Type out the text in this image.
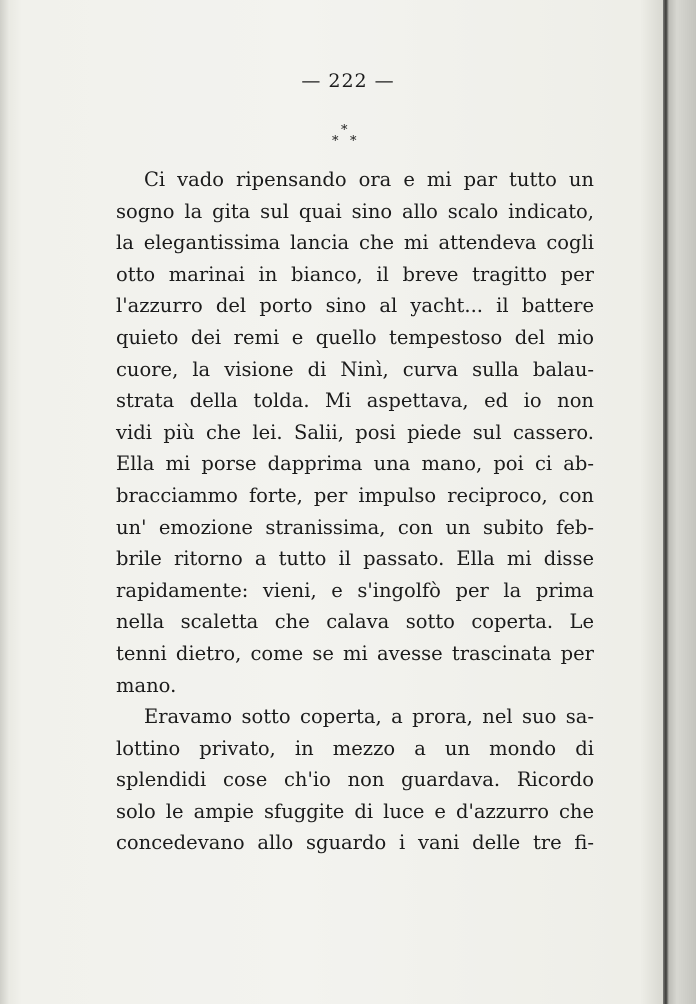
— 222 —
*
* *
Ci vado ripensando ora e mi par tutto un
sogno la gita sul quai sino allo scalo indicato,
la elegantissima lancia che mi attendeva cogli
otto marinai in bianco, il breve tragitto per
l'azzurro del porto sino al yacht... il battere
quieto dei remi e quello tempestoso del mio
cuore, la visione di Ninì, curva sulla balau-
strata della tolda. Mi aspettava, ed io non
vidi più che lei. Salii, posi piede sul cassero.
Ella mi porse dapprima una mano, poi ci ab-
bracciammo forte, per impulso reciproco, con
un' emozione stranissima, con un subito feb-
brile ritorno a tutto il passato. Ella mi disse
rapidamente: vieni, e s'ingolfò per la prima
nella scaletta che calava sotto coperta. Le
tenni dietro, come se mi avesse trascinata per
mano.
Eravamo sotto coperta, a prora, nel suo sa-
lottino privato, in mezzo a un mondo di
splendidi cose ch'io non guardava. Ricordo
solo le ampie sfuggite di luce e d'azzurro che
concedevano allo sguardo i vani delle tre fi-
